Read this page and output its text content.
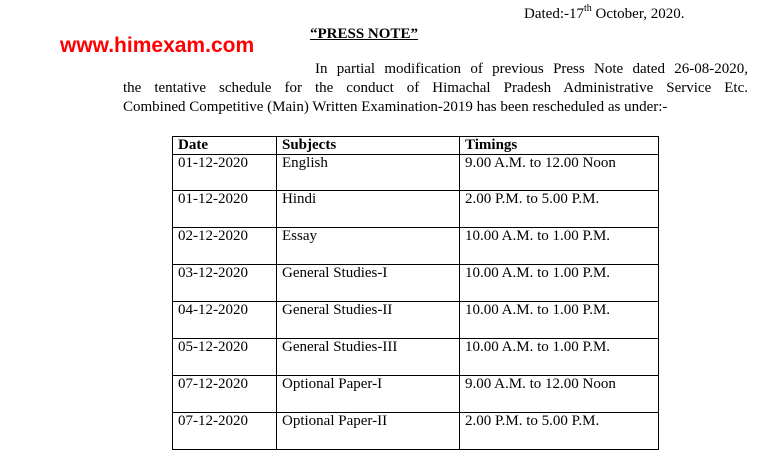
Dated:-17th October, 2020.
“PRESS NOTE”
www.himexam.com
In partial modification of previous Press Note dated 26-08-2020,
the tentative schedule for the conduct of Himachal Pradesh Administrative Service Etc.
Combined Competitive (Main) Written Examination-2019 has been rescheduled as under:-
Date	Subjects	Timings
01-12-2020	English	9.00 A.M. to 12.00 Noon
01-12-2020	Hindi	2.00 P.M. to 5.00 P.M.
02-12-2020	Essay	10.00 A.M. to 1.00 P.M.
03-12-2020	General Studies-I	10.00 A.M. to 1.00 P.M.
04-12-2020	General Studies-II	10.00 A.M. to 1.00 P.M.
05-12-2020	General Studies-III	10.00 A.M. to 1.00 P.M.
07-12-2020	Optional Paper-I	9.00 A.M. to 12.00 Noon
07-12-2020	Optional Paper-II	2.00 P.M. to 5.00 P.M.
